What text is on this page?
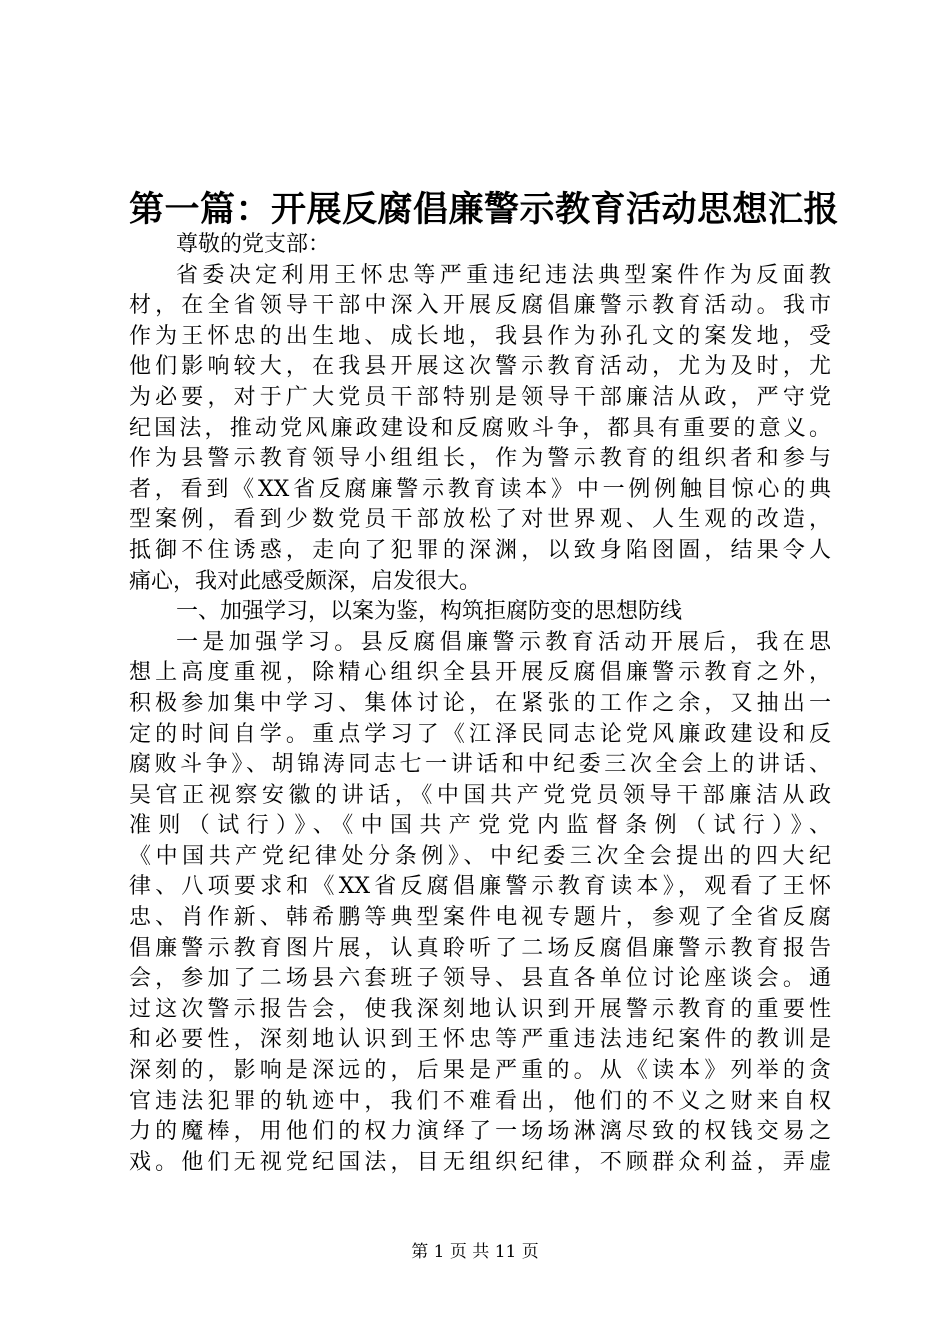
第一篇：开展反腐倡廉警示教育活动思想汇报
尊敬的党支部：
省委决定利用王怀忠等严重违纪违法典型案件作为反面教
材，在全省领导干部中深入开展反腐倡廉警示教育活动。我市
作为王怀忠的出生地、成长地，我县作为孙孔文的案发地，受
他们影响较大，在我县开展这次警示教育活动，尤为及时，尤
为必要，对于广大党员干部特别是领导干部廉洁从政，严守党
纪国法，推动党风廉政建设和反腐败斗争，都具有重要的意义。
作为县警示教育领导小组组长，作为警示教育的组织者和参与
者，看到《XX省反腐廉警示教育读本》中一例例触目惊心的典
型案例，看到少数党员干部放松了对世界观、人生观的改造，
抵御不住诱惑，走向了犯罪的深渊，以致身陷囹圄，结果令人
痛心，我对此感受颇深，启发很大。
一、加强学习，以案为鉴，构筑拒腐防变的思想防线
一是加强学习。县反腐倡廉警示教育活动开展后，我在思
想上高度重视，除精心组织全县开展反腐倡廉警示教育之外，
积极参加集中学习、集体讨论，在紧张的工作之余，又抽出一
定的时间自学。重点学习了《江泽民同志论党风廉政建设和反
腐败斗争》、胡锦涛同志七一讲话和中纪委三次全会上的讲话、
吴官正视察安徽的讲话，《中国共产党党员领导干部廉洁从政
准则（试行）》、《中国共产党党内监督条例（试行）》、
《中国共产党纪律处分条例》、中纪委三次全会提出的四大纪
律、八项要求和《XX省反腐倡廉警示教育读本》，观看了王怀
忠、肖作新、韩希鹏等典型案件电视专题片，参观了全省反腐
倡廉警示教育图片展，认真聆听了二场反腐倡廉警示教育报告
会，参加了二场县六套班子领导、县直各单位讨论座谈会。通
过这次警示报告会，使我深刻地认识到开展警示教育的重要性
和必要性，深刻地认识到王怀忠等严重违法违纪案件的教训是
深刻的，影响是深远的，后果是严重的。从《读本》列举的贪
官违法犯罪的轨迹中，我们不难看出，他们的不义之财来自权
力的魔棒，用他们的权力演绎了一场场淋漓尽致的权钱交易之
戏。他们无视党纪国法，目无组织纪律，不顾群众利益，弄虚
第 1 页 共 11 页
